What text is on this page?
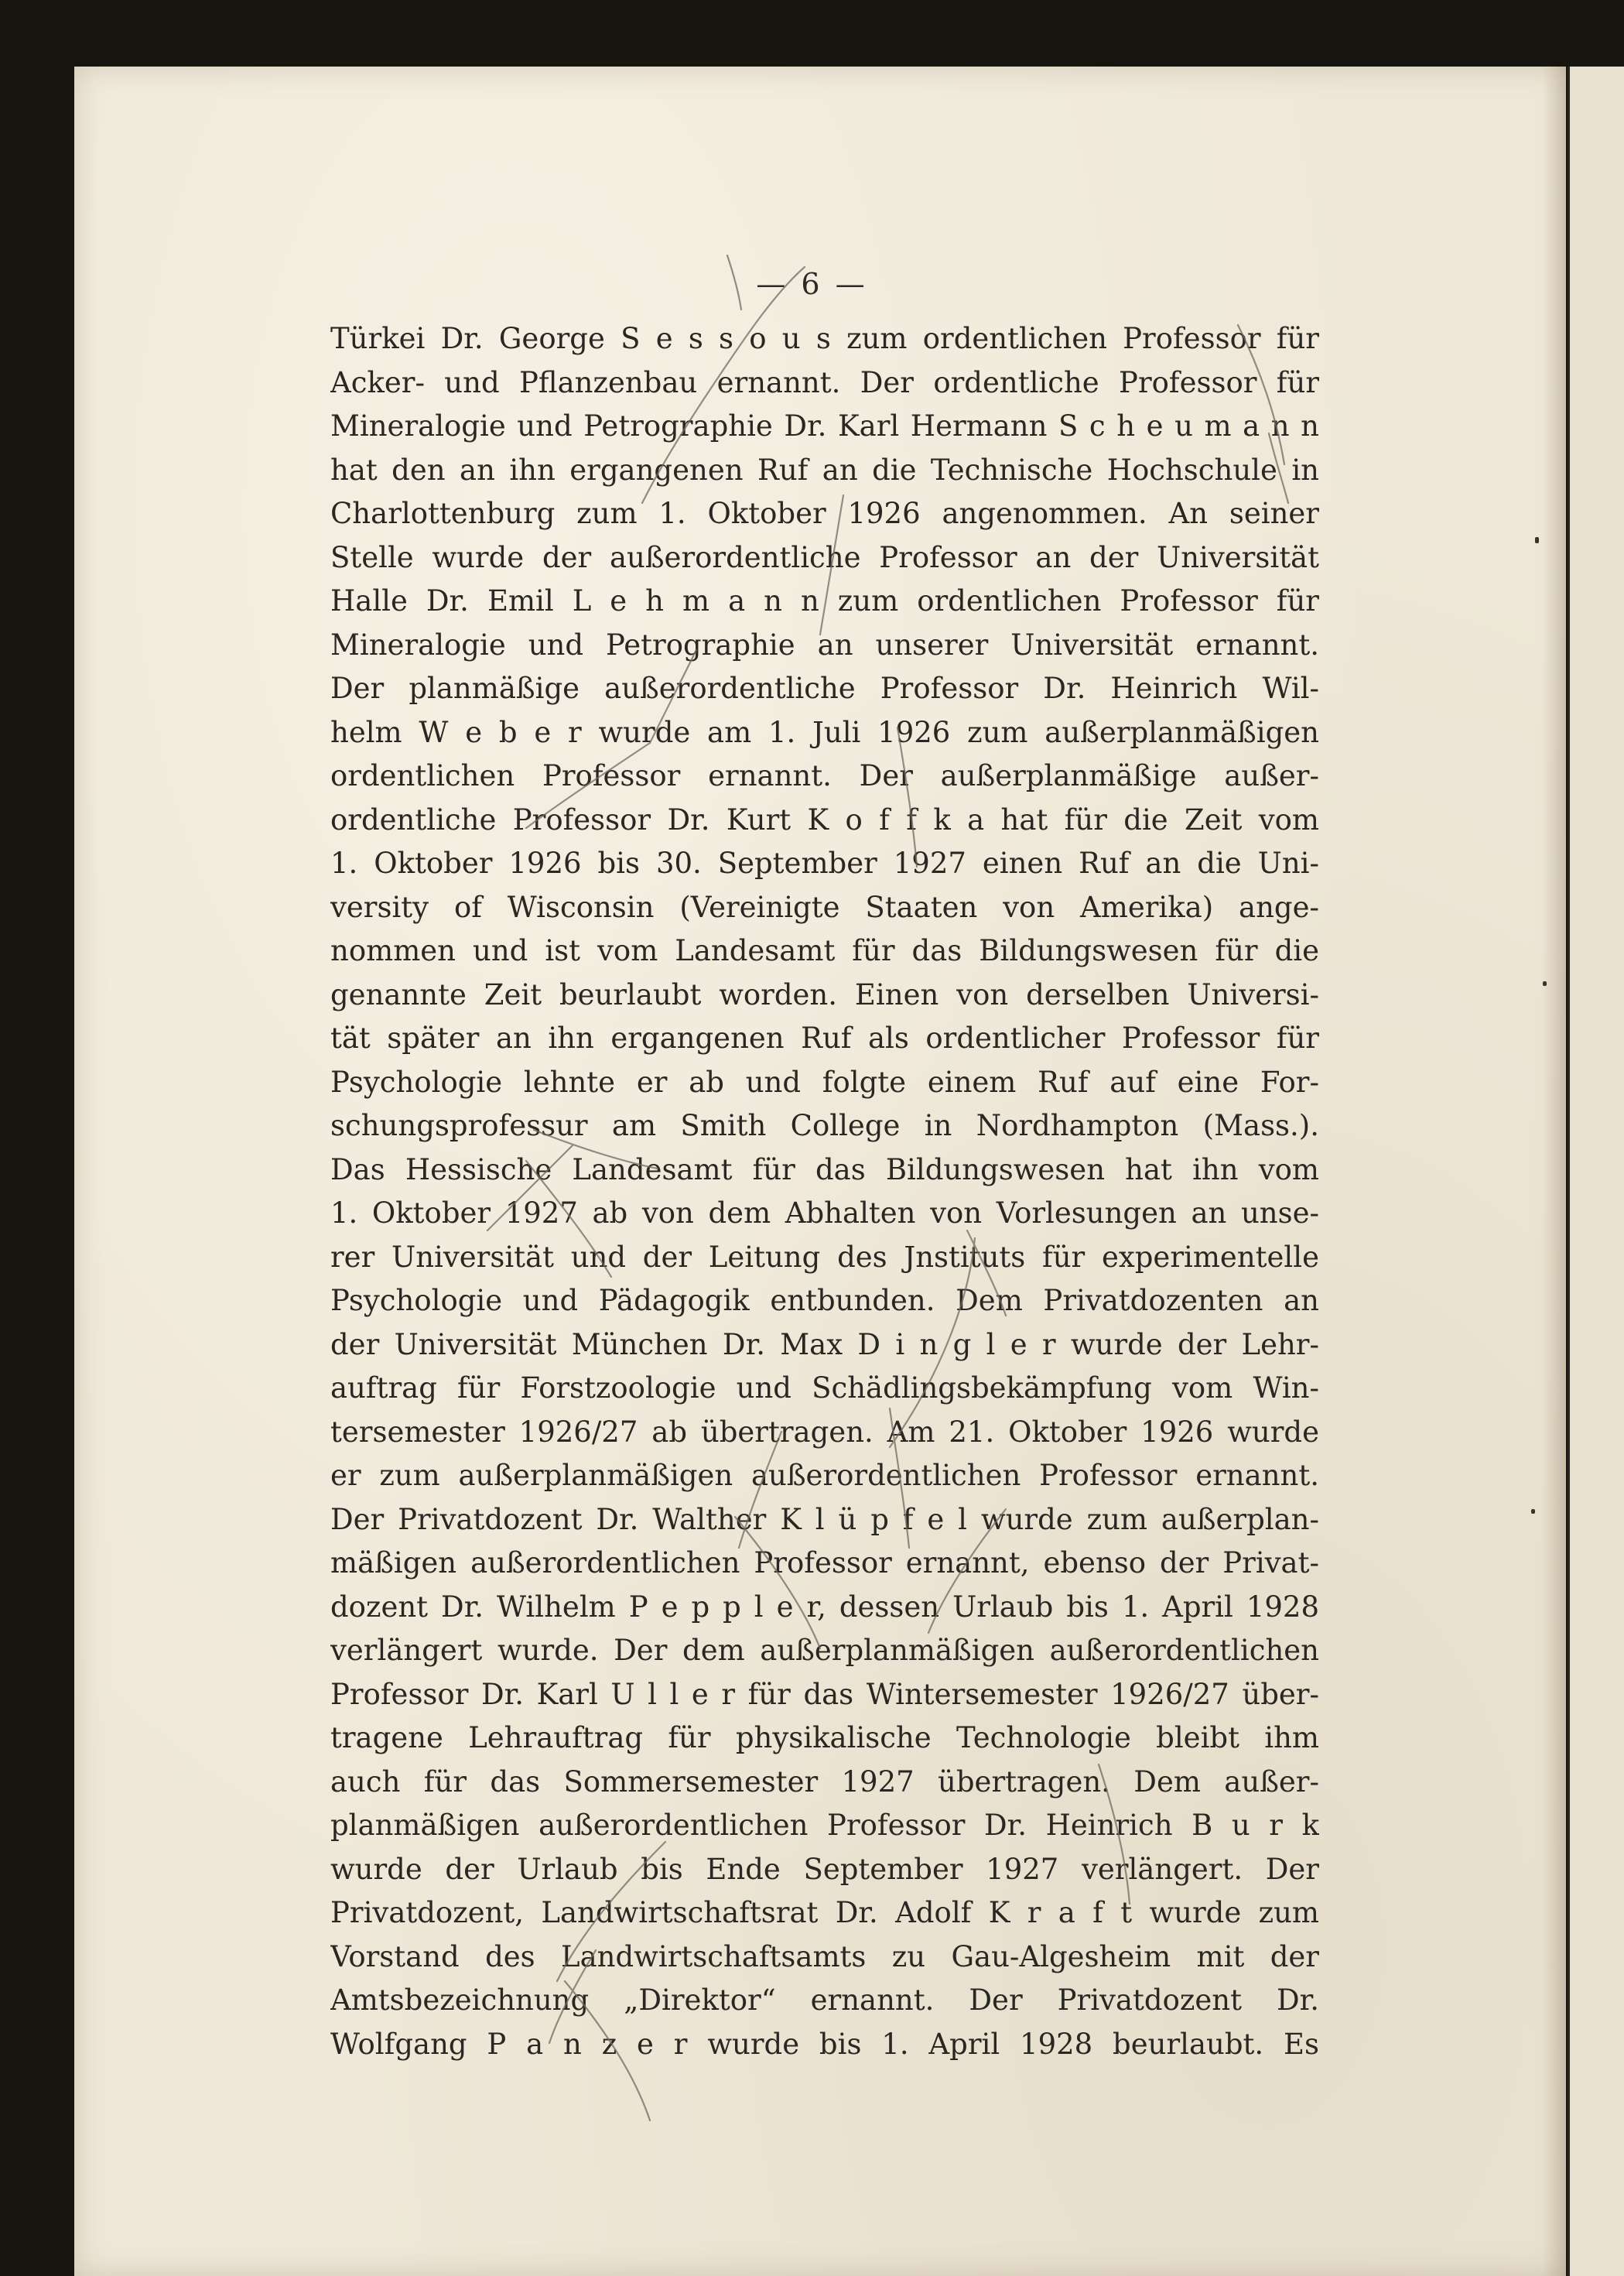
— 6 —
Türkei Dr. George S e s s o u s zum ordentlichen Professor für
Acker- und Pflanzenbau ernannt. Der ordentliche Professor für
Mineralogie und Petrographie Dr. Karl Hermann S c h e u m a n n
hat den an ihn ergangenen Ruf an die Technische Hochschule in
Charlottenburg zum 1. Oktober 1926 angenommen. An seiner
Stelle wurde der außerordentliche Professor an der Universität
Halle Dr. Emil L e h m a n n zum ordentlichen Professor für
Mineralogie und Petrographie an unserer Universität ernannt.
Der planmäßige außerordentliche Professor Dr. Heinrich Wil-
helm W e b e r wurde am 1. Juli 1926 zum außerplanmäßigen
ordentlichen Professor ernannt. Der außerplanmäßige außer-
ordentliche Professor Dr. Kurt K o f f k a hat für die Zeit vom
1. Oktober 1926 bis 30. September 1927 einen Ruf an die Uni-
versity of Wisconsin (Vereinigte Staaten von Amerika) ange-
nommen und ist vom Landesamt für das Bildungswesen für die
genannte Zeit beurlaubt worden. Einen von derselben Universi-
tät später an ihn ergangenen Ruf als ordentlicher Professor für
Psychologie lehnte er ab und folgte einem Ruf auf eine For-
schungsprofessur am Smith College in Nordhampton (Mass.).
Das Hessische Landesamt für das Bildungswesen hat ihn vom
1. Oktober 1927 ab von dem Abhalten von Vorlesungen an unse-
rer Universität und der Leitung des Jnstituts für experimentelle
Psychologie und Pädagogik entbunden. Dem Privatdozenten an
der Universität München Dr. Max D i n g l e r wurde der Lehr-
auftrag für Forstzoologie und Schädlingsbekämpfung vom Win-
tersemester 1926/27 ab übertragen. Am 21. Oktober 1926 wurde
er zum außerplanmäßigen außerordentlichen Professor ernannt.
Der Privatdozent Dr. Walther K l ü p f e l wurde zum außerplan-
mäßigen außerordentlichen Professor ernannt, ebenso der Privat-
dozent Dr. Wilhelm P e p p l e r, dessen Urlaub bis 1. April 1928
verlängert wurde. Der dem außerplanmäßigen außerordentlichen
Professor Dr. Karl U l l e r für das Wintersemester 1926/27 über-
tragene Lehrauftrag für physikalische Technologie bleibt ihm
auch für das Sommersemester 1927 übertragen. Dem außer-
planmäßigen außerordentlichen Professor Dr. Heinrich B u r k
wurde der Urlaub bis Ende September 1927 verlängert. Der
Privatdozent, Landwirtschaftsrat Dr. Adolf K r a f t wurde zum
Vorstand des Landwirtschaftsamts zu Gau-Algesheim mit der
Amtsbezeichnung „Direktor“ ernannt. Der Privatdozent Dr.
Wolfgang P a n z e r wurde bis 1. April 1928 beurlaubt. Es
